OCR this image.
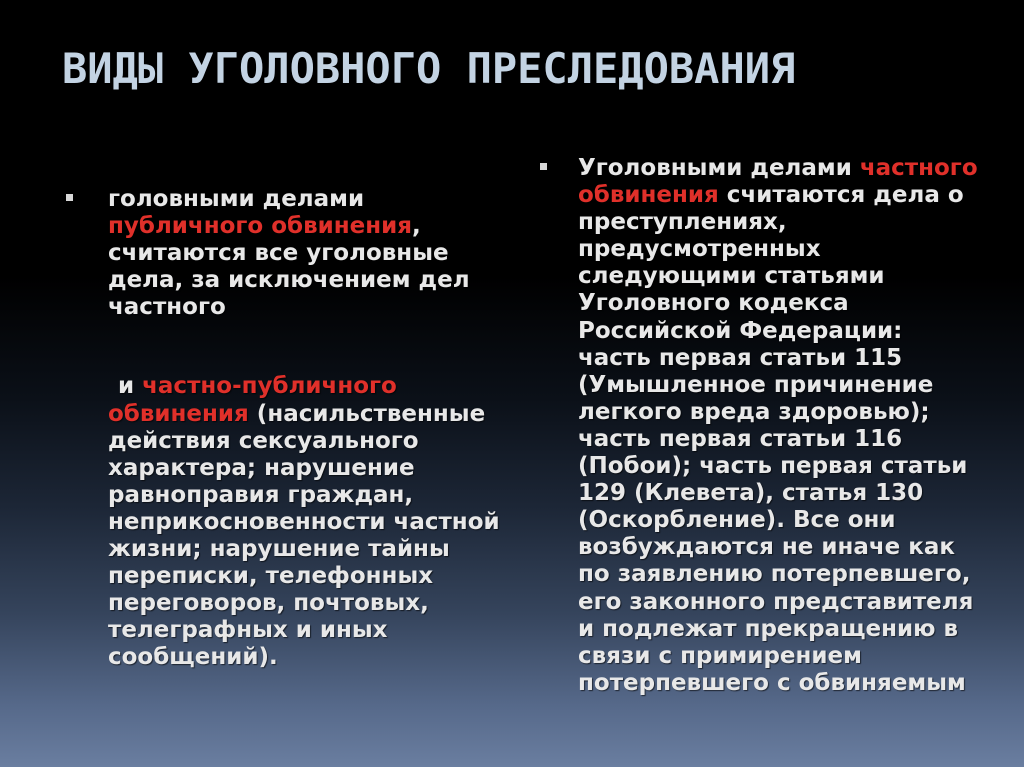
ВИДЫ УГОЛОВНОГО ПРЕСЛЕДОВАНИЯ

головными делами публичного обвинения, считаются все уголовные дела, за исключением дел частного

и частно-публичного обвинения (насильственные действия сексуального характера; нарушение равноправия граждан, неприкосновенности частной жизни; нарушение тайны переписки, телефонных переговоров, почтовых, телеграфных и иных сообщений).

Уголовными делами частного обвинения считаются дела о преступлениях, предусмотренных следующими статьями Уголовного кодекса Российской Федерации: часть первая статьи 115 (Умышленное причинение легкого вреда здоровью); часть первая статьи 116 (Побои); часть первая статьи 129 (Клевета), статья 130 (Оскорбление). Все они возбуждаются не иначе как по заявлению потерпевшего, его законного представителя и подлежат прекращению в связи с примирением потерпевшего с обвиняемым
